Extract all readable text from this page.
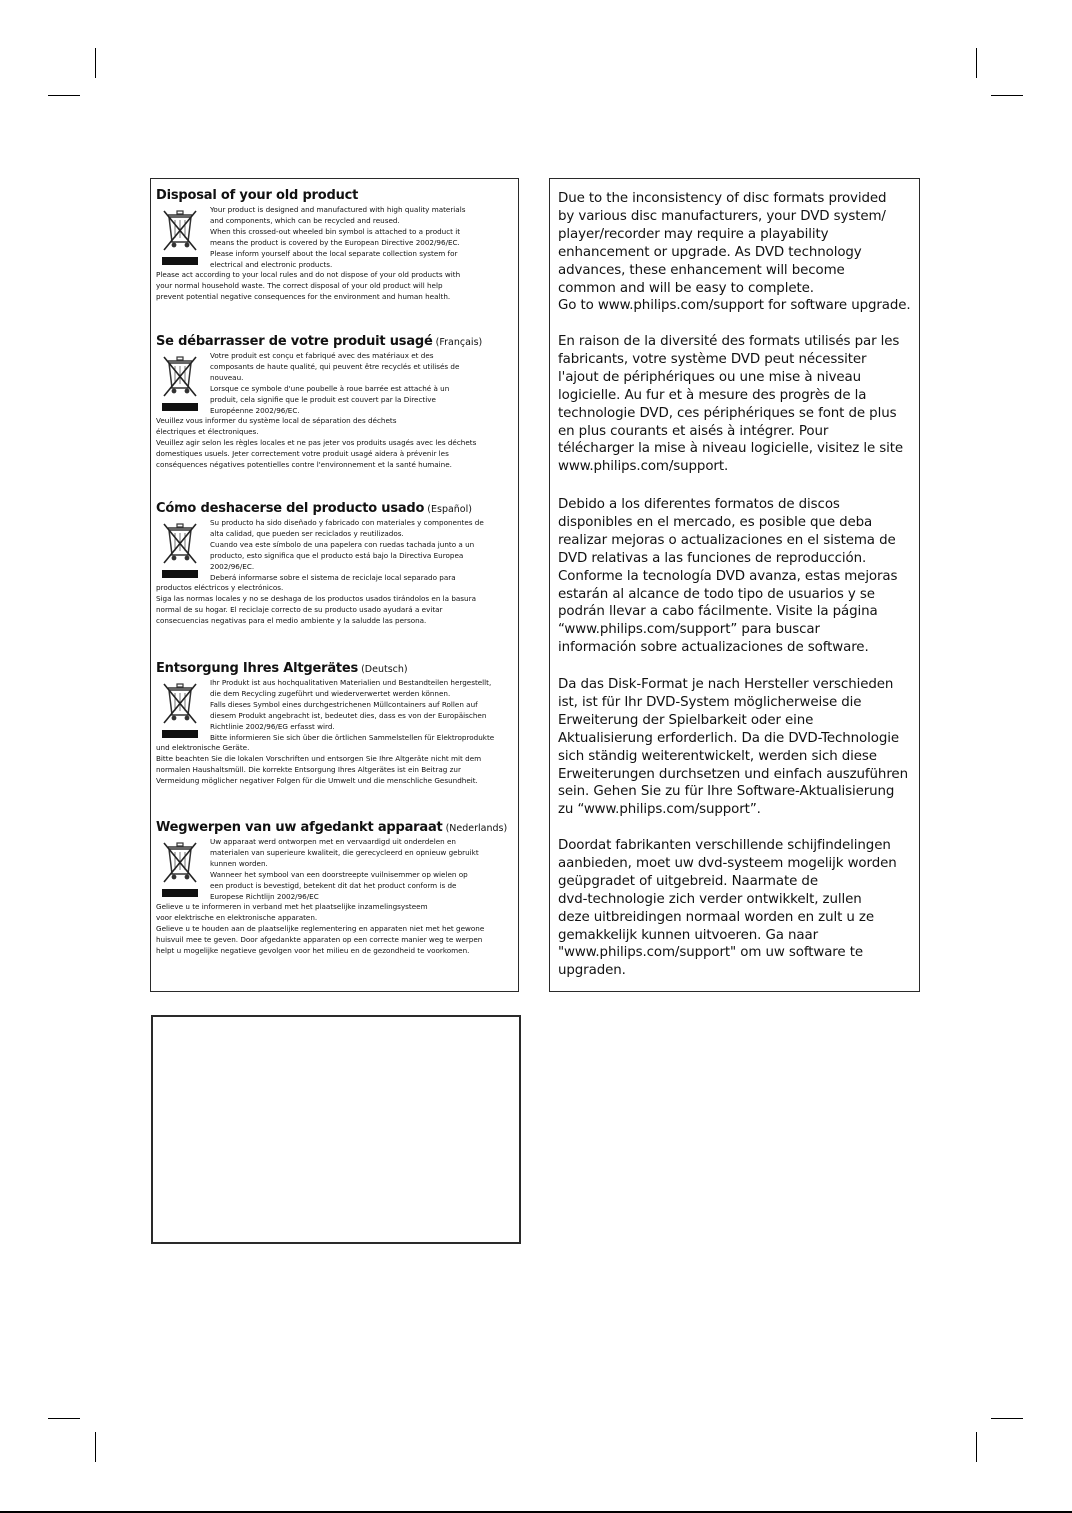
Disposal of your old product
Your product is designed and manufactured with high quality materials
and components, which can be recycled and reused.
When this crossed-out wheeled bin symbol is attached to a product it
means the product is covered by the European Directive 2002/96/EC.
Please inform yourself about the local separate collection system for
electrical and electronic products.
Please act according to your local rules and do not dispose of your old products with
your normal household waste. The correct disposal of your old product will help
prevent potential negative consequences for the environment and human health.
Se débarrasser de votre produit usagé (Français)
Votre produit est conçu et fabriqué avec des matériaux et des
composants de haute qualité, qui peuvent être recyclés et utilisés de
nouveau.
Lorsque ce symbole d'une poubelle à roue barrée est attaché à un
produit, cela signifie que le produit est couvert par la Directive
Européenne 2002/96/EC.
Veuillez vous informer du système local de séparation des déchets
électriques et électroniques.
Veuillez agir selon les règles locales et ne pas jeter vos produits usagés avec les déchets
domestiques usuels. Jeter correctement votre produit usagé aidera à prévenir les
conséquences négatives potentielles contre l'environnement et la santé humaine.
Cómo deshacerse del producto usado (Español)
Su producto ha sido diseñado y fabricado con materiales y componentes de
alta calidad, que pueden ser reciclados y reutilizados.
Cuando vea este símbolo de una papelera con ruedas tachada junto a un
producto, esto significa que el producto está bajo la Directiva Europea
2002/96/EC.
Deberá informarse sobre el sistema de reciclaje local separado para
productos eléctricos y electrónicos.
Siga las normas locales y no se deshaga de los productos usados tirándolos en la basura
normal de su hogar. El reciclaje correcto de su producto usado ayudará a evitar
consecuencias negativas para el medio ambiente y la saludde las persona.
Entsorgung Ihres Altgerätes (Deutsch)
Ihr Produkt ist aus hochqualitativen Materialien und Bestandteilen hergestellt,
die dem Recycling zugeführt und wiederverwertet werden können.
Falls dieses Symbol eines durchgestrichenen Müllcontainers auf Rollen auf
diesem Produkt angebracht ist, bedeutet dies, dass es von der Europäischen
Richtlinie 2002/96/EG erfasst wird.
Bitte informieren Sie sich über die örtlichen Sammelstellen für Elektroprodukte
und elektronische Geräte.
Bitte beachten Sie die lokalen Vorschriften und entsorgen Sie Ihre Altgeräte nicht mit dem
normalen Haushaltsmüll. Die korrekte Entsorgung Ihres Altgerätes ist ein Beitrag zur
Vermeidung möglicher negativer Folgen für die Umwelt und die menschliche Gesundheit.
Wegwerpen van uw afgedankt apparaat (Nederlands)
Uw apparaat werd ontworpen met en vervaardigd uit onderdelen en
materialen van superieure kwaliteit, die gerecycleerd en opnieuw gebruikt
kunnen worden.
Wanneer het symbool van een doorstreepte vuilnisemmer op wielen op
een product is bevestigd, betekent dit dat het product conform is de
Europese Richtlijn 2002/96/EC
Gelieve u te informeren in verband met het plaatselijke inzamelingsysteem
voor elektrische en elektronische apparaten.
Gelieve u te houden aan de plaatselijke reglementering en apparaten niet met het gewone
huisvuil mee te geven. Door afgedankte apparaten op een correcte manier weg te werpen
helpt u mogelijke negatieve gevolgen voor het milieu en de gezondheid te voorkomen.
Due to the inconsistency of disc formats provided
by various disc manufacturers, your DVD system/
player/recorder may require a playability
enhancement or upgrade. As DVD technology
advances, these enhancement will become
common and will be easy to complete.
Go to www.philips.com/support for software upgrade.
En raison de la diversité des formats utilisés par les
fabricants, votre système DVD peut nécessiter
l'ajout de périphériques ou une mise à niveau
logicielle. Au fur et à mesure des progrès de la
technologie DVD, ces périphériques se font de plus
en plus courants et aisés à intégrer. Pour
télécharger la mise à niveau logicielle, visitez le site
www.philips.com/support.
Debido a los diferentes formatos de discos
disponibles en el mercado, es posible que deba
realizar mejoras o actualizaciones en el sistema de
DVD relativas a las funciones de reproducción.
Conforme la tecnología DVD avanza, estas mejoras
estarán al alcance de todo tipo de usuarios y se
podrán llevar a cabo fácilmente. Visite la página
“www.philips.com/support” para buscar
información sobre actualizaciones de software.
Da das Disk-Format je nach Hersteller verschieden
ist, ist für Ihr DVD-System möglicherweise die
Erweiterung der Spielbarkeit oder eine
Aktualisierung erforderlich. Da die DVD-Technologie
sich ständig weiterentwickelt, werden sich diese
Erweiterungen durchsetzen und einfach auszuführen
sein. Gehen Sie zu für Ihre Software-Aktualisierung
zu “www.philips.com/support”.
Doordat fabrikanten verschillende schijfindelingen
aanbieden, moet uw dvd-systeem mogelijk worden
geüpgradet of uitgebreid. Naarmate de
dvd-technologie zich verder ontwikkelt, zullen
deze uitbreidingen normaal worden en zult u ze
gemakkelijk kunnen uitvoeren. Ga naar
"www.philips.com/support" om uw software te
upgraden.
